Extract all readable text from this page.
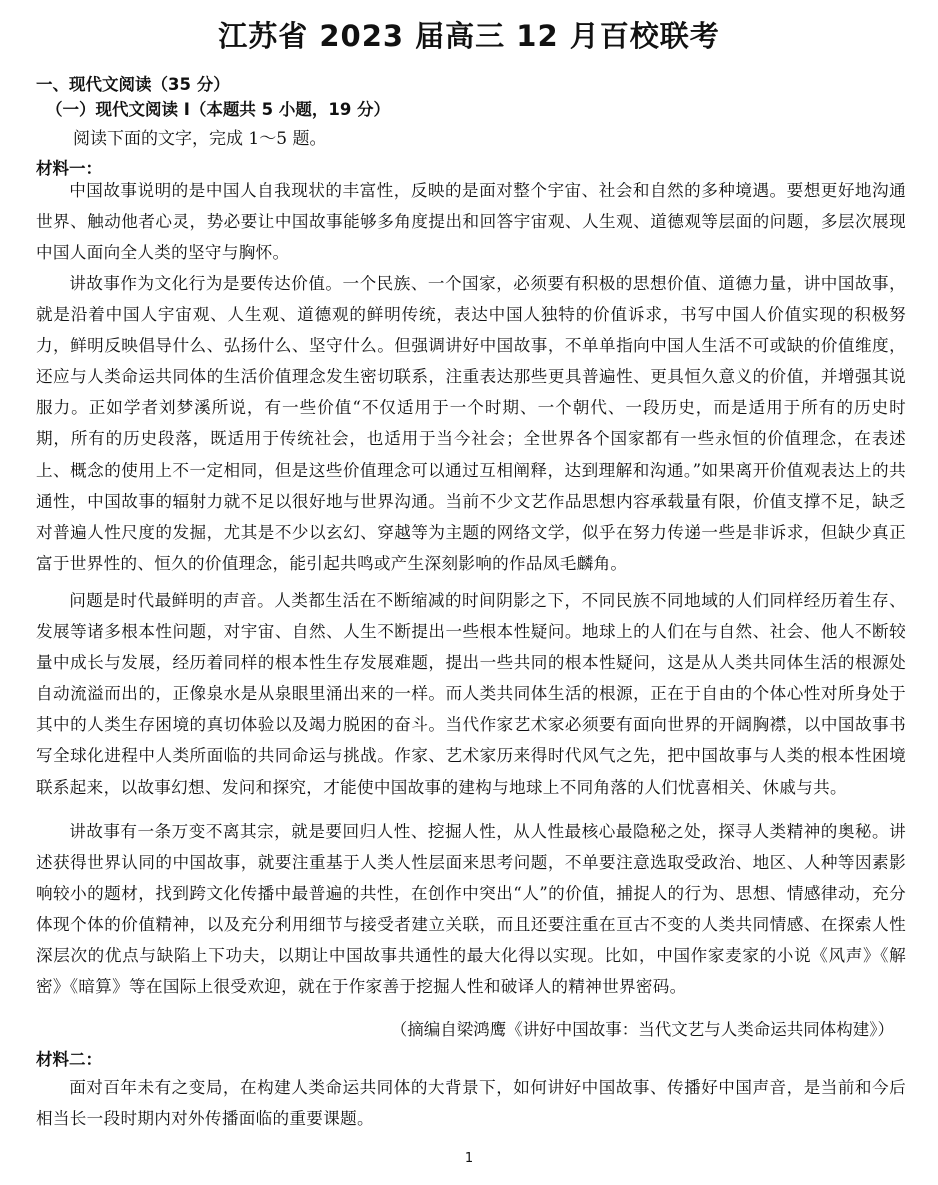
江苏省 2023 届高三 12 月百校联考
一、现代文阅读（35 分）
（一）现代文阅读 I（本题共 5 小题，19 分）
阅读下面的文字，完成 1～5 题。
材料一：
中国故事说明的是中国人自我现状的丰富性，反映的是面对整个宇宙、社会和自然的多种境遇。要想更好地沟通世界、触动他者心灵，势必要让中国故事能够多角度提出和回答宇宙观、人生观、道德观等层面的问题，多层次展现中国人面向全人类的坚守与胸怀。
讲故事作为文化行为是要传达价值。一个民族、一个国家，必须要有积极的思想价值、道德力量，讲中国故事，就是沿着中国人宇宙观、人生观、道德观的鲜明传统，表达中国人独特的价值诉求，书写中国人价值实现的积极努力，鲜明反映倡导什么、弘扬什么、坚守什么。但强调讲好中国故事，不单单指向中国人生活不可或缺的价值维度，还应与人类命运共同体的生活价值理念发生密切联系，注重表达那些更具普遍性、更具恒久意义的价值，并增强其说服力。正如学者刘梦溪所说，有一些价值“不仅适用于一个时期、一个朝代、一段历史，而是适用于所有的历史时期，所有的历史段落，既适用于传统社会，也适用于当今社会；全世界各个国家都有一些永恒的价值理念，在表述上、概念的使用上不一定相同，但是这些价值理念可以通过互相阐释，达到理解和沟通。”如果离开价值观表达上的共通性，中国故事的辐射力就不足以很好地与世界沟通。当前不少文艺作品思想内容承载量有限，价值支撑不足，缺乏对普遍人性尺度的发掘，尤其是不少以玄幻、穿越等为主题的网络文学，似乎在努力传递一些是非诉求，但缺少真正富于世界性的、恒久的价值理念，能引起共鸣或产生深刻影响的作品凤毛麟角。
问题是时代最鲜明的声音。人类都生活在不断缩减的时间阴影之下，不同民族不同地域的人们同样经历着生存、发展等诸多根本性问题，对宇宙、自然、人生不断提出一些根本性疑问。地球上的人们在与自然、社会、他人不断较量中成长与发展，经历着同样的根本性生存发展难题，提出一些共同的根本性疑问，这是从人类共同体生活的根源处自动流溢而出的，正像泉水是从泉眼里涌出来的一样。而人类共同体生活的根源，正在于自由的个体心性对所身处于其中的人类生存困境的真切体验以及竭力脱困的奋斗。当代作家艺术家必须要有面向世界的开阔胸襟，以中国故事书写全球化进程中人类所面临的共同命运与挑战。作家、艺术家历来得时代风气之先，把中国故事与人类的根本性困境联系起来，以故事幻想、发问和探究，才能使中国故事的建构与地球上不同角落的人们忧喜相关、休戚与共。
讲故事有一条万变不离其宗，就是要回归人性、挖掘人性，从人性最核心最隐秘之处，探寻人类精神的奥秘。讲述获得世界认同的中国故事，就要注重基于人类人性层面来思考问题，不单要注意选取受政治、地区、人种等因素影响较小的题材，找到跨文化传播中最普遍的共性，在创作中突出“人”的价值，捕捉人的行为、思想、情感律动，充分体现个体的价值精神，以及充分利用细节与接受者建立关联，而且还要注重在亘古不变的人类共同情感、在探索人性深层次的优点与缺陷上下功夫，以期让中国故事共通性的最大化得以实现。比如，中国作家麦家的小说《风声》《解密》《暗算》等在国际上很受欢迎，就在于作家善于挖掘人性和破译人的精神世界密码。
（摘编自梁鸿鹰《讲好中国故事：当代文艺与人类命运共同体构建》）
材料二：
面对百年未有之变局，在构建人类命运共同体的大背景下，如何讲好中国故事、传播好中国声音，是当前和今后相当长一段时期内对外传播面临的重要课题。
1
